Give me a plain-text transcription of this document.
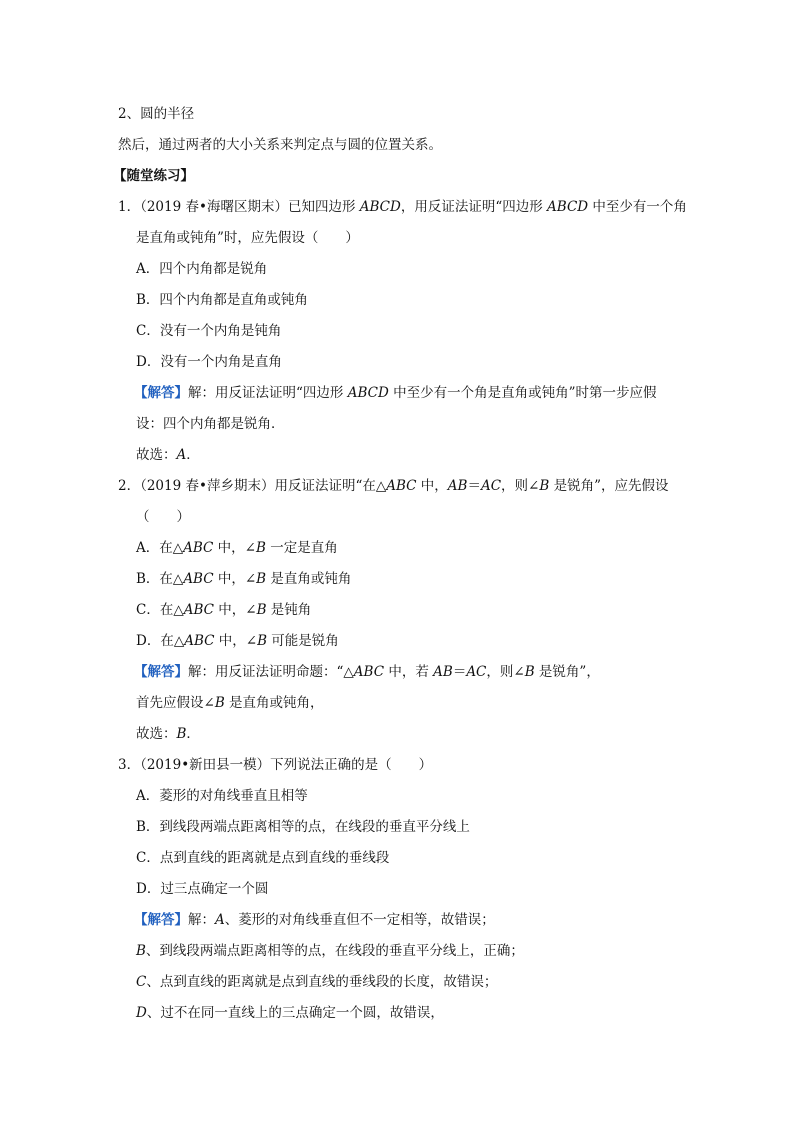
2、圆的半径
然后，通过两者的大小关系来判定点与圆的位置关系。
【随堂练习】
1．（2019 春•海曙区期末）已知四边形 ABCD，用反证法证明“四边形 ABCD 中至少有一个角
是直角或钝角”时，应先假设（　　）
A．四个内角都是锐角
B．四个内角都是直角或钝角
C．没有一个内角是钝角
D．没有一个内角是直角
【解答】解：用反证法证明“四边形 ABCD 中至少有一个角是直角或钝角”时第一步应假
设：四个内角都是锐角．
故选：A．
2．（2019 春•萍乡期末）用反证法证明“在△ABC 中，AB＝AC，则∠B 是锐角”，应先假设
（　　）
A．在△ABC 中，∠B 一定是直角
B．在△ABC 中，∠B 是直角或钝角
C．在△ABC 中，∠B 是钝角
D．在△ABC 中，∠B 可能是锐角
【解答】解：用反证法证明命题：“△ABC 中，若 AB＝AC，则∠B 是锐角”，
首先应假设∠B 是直角或钝角，
故选：B．
3．（2019•新田县一模）下列说法正确的是（　　）
A．菱形的对角线垂直且相等
B．到线段两端点距离相等的点，在线段的垂直平分线上
C．点到直线的距离就是点到直线的垂线段
D．过三点确定一个圆
【解答】解：A、菱形的对角线垂直但不一定相等，故错误；
B、到线段两端点距离相等的点，在线段的垂直平分线上，正确；
C、点到直线的距离就是点到直线的垂线段的长度，故错误；
D、过不在同一直线上的三点确定一个圆，故错误，
